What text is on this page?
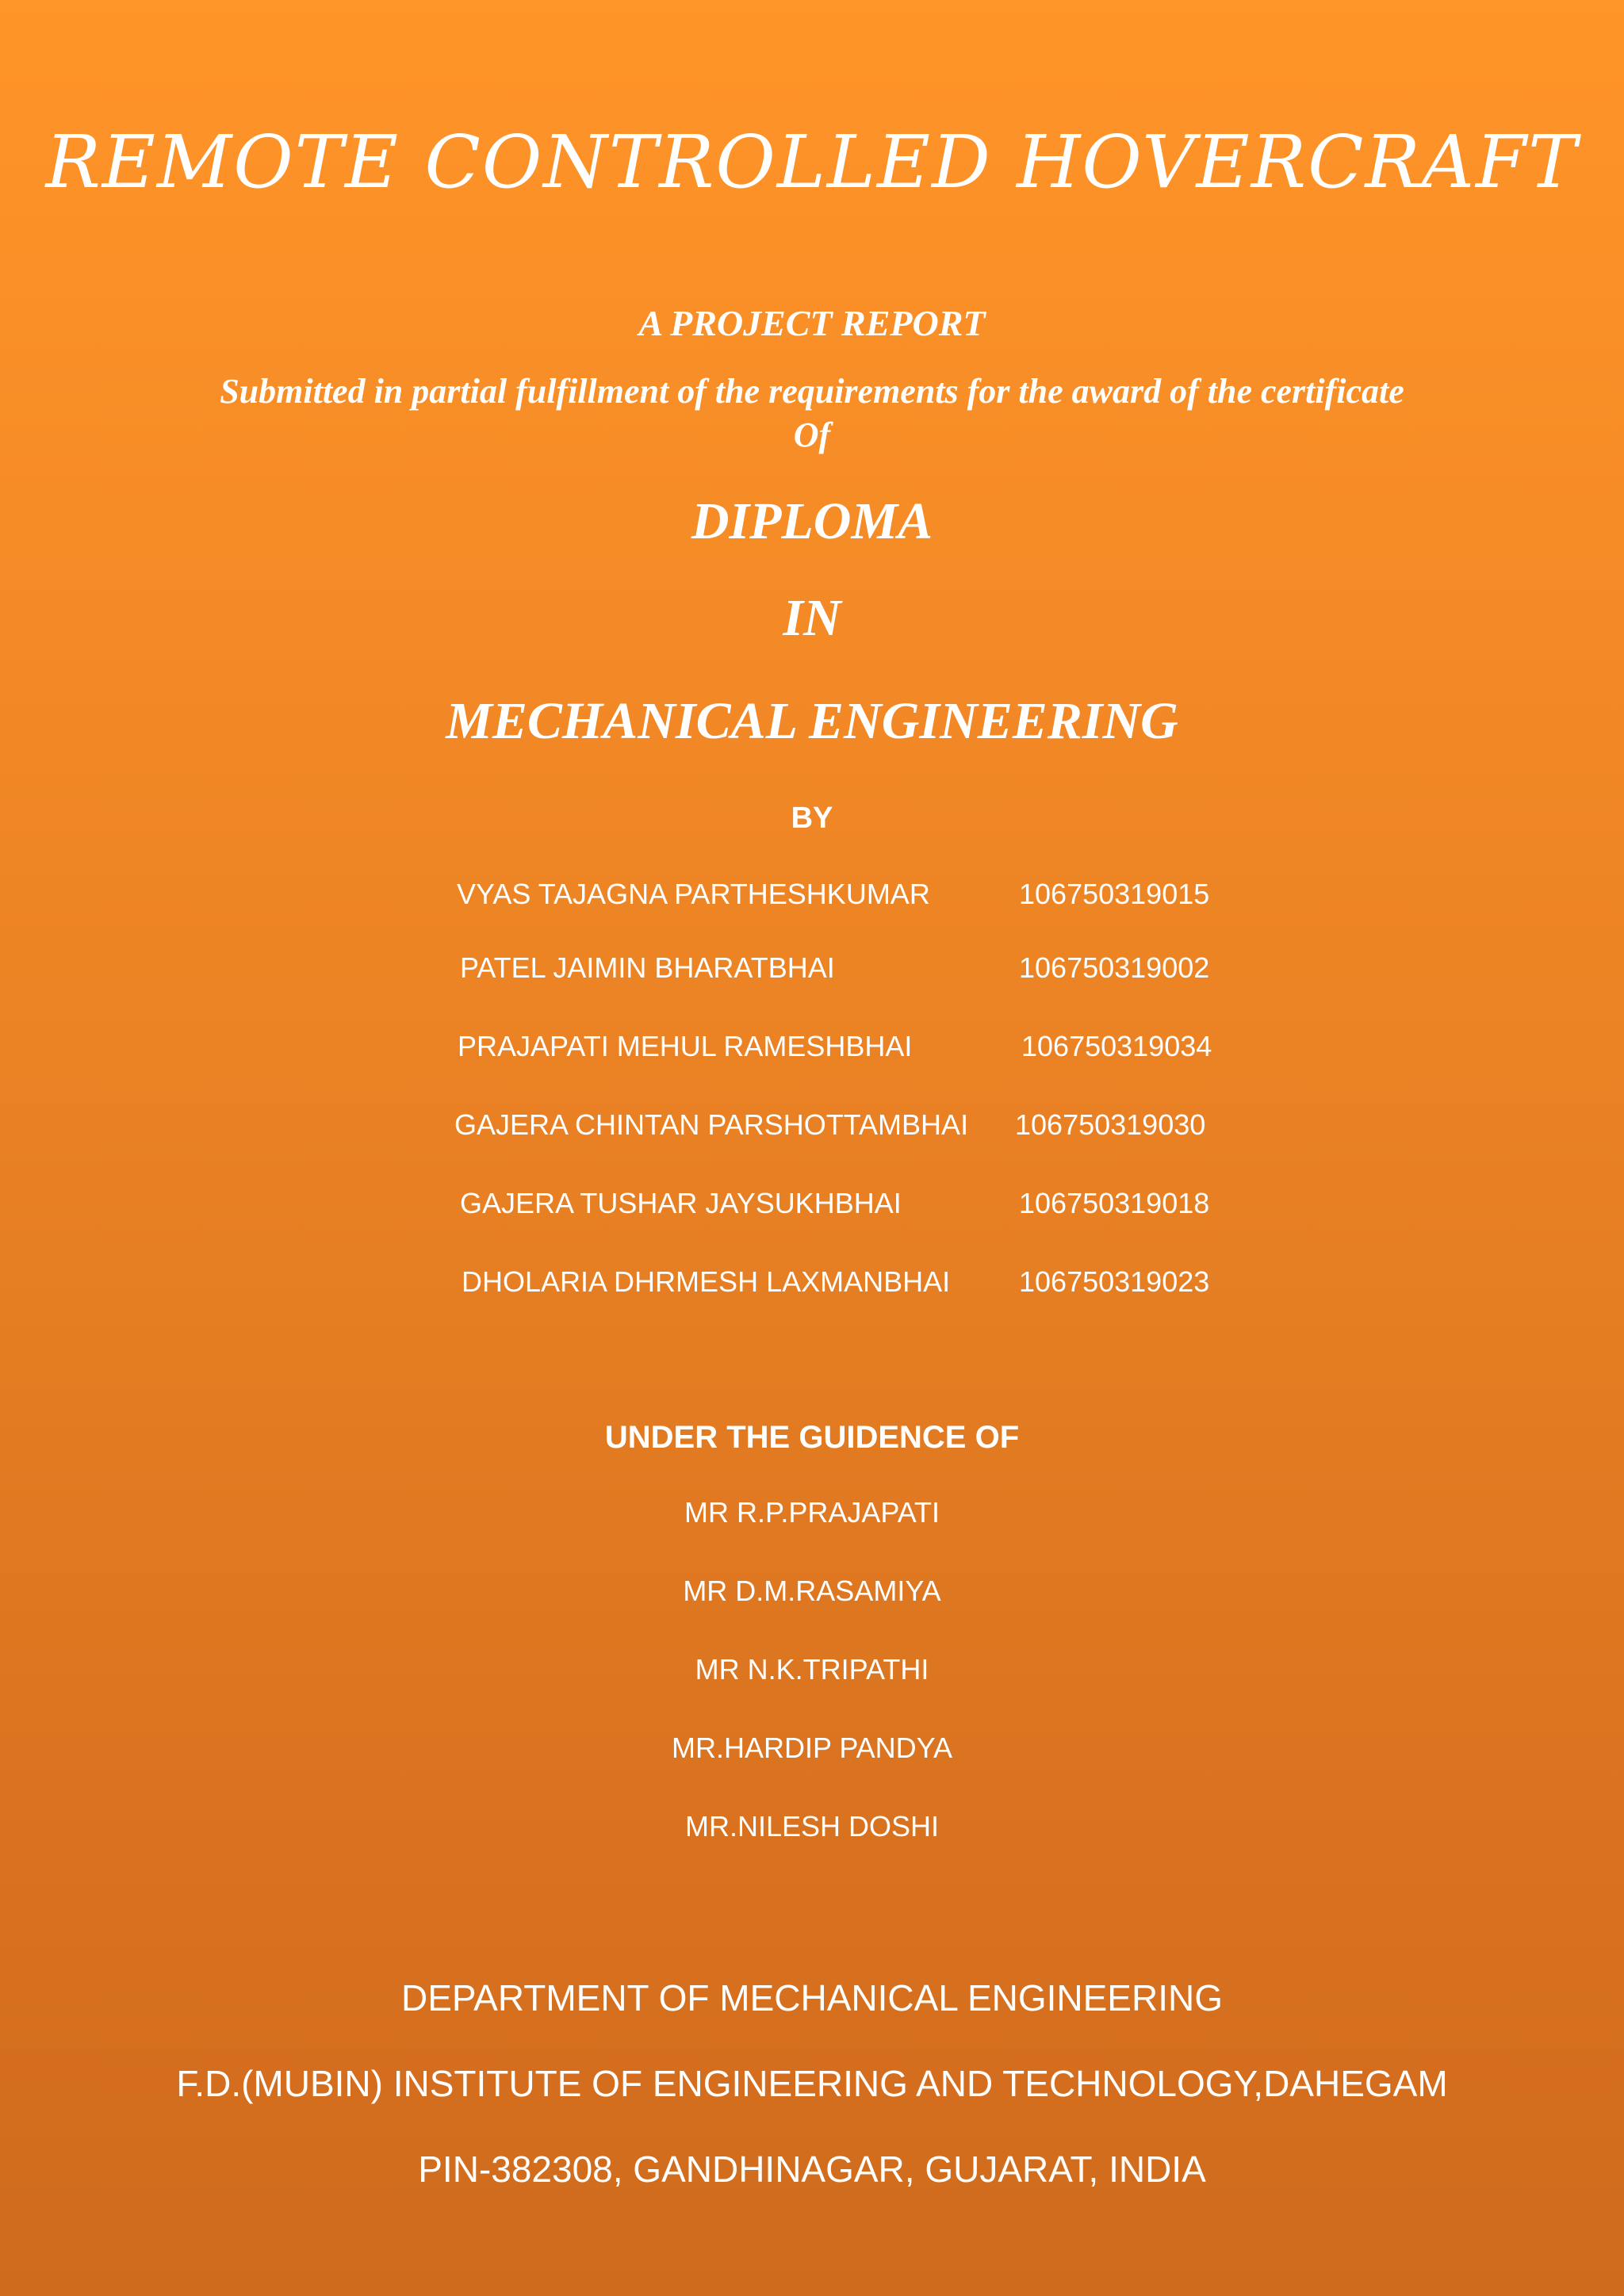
REMOTE CONTROLLED HOVERCRAFT
A PROJECT REPORT
Submitted in partial fulfillment of the requirements for the award of the certificate
Of
DIPLOMA
IN
MECHANICAL ENGINEERING
BY
VYAS TAJAGNA PARTHESHKUMAR	106750319015
PATEL JAIMIN BHARATBHAI	106750319002
PRAJAPATI MEHUL RAMESHBHAI	106750319034
GAJERA CHINTAN PARSHOTTAMBHAI 106750319030
GAJERA TUSHAR JAYSUKHBHAI	106750319018
DHOLARIA DHRMESH LAXMANBHAI 106750319023
UNDER THE GUIDENCE OF
MR R.P.PRAJAPATI
MR D.M.RASAMIYA
MR N.K.TRIPATHI
MR.HARDIP PANDYA
MR.NILESH DOSHI
DEPARTMENT OF MECHANICAL ENGINEERING
F.D.(MUBIN) INSTITUTE OF ENGINEERING AND TECHNOLOGY,DAHEGAM
PIN-382308, GANDHINAGAR, GUJARAT, INDIA
